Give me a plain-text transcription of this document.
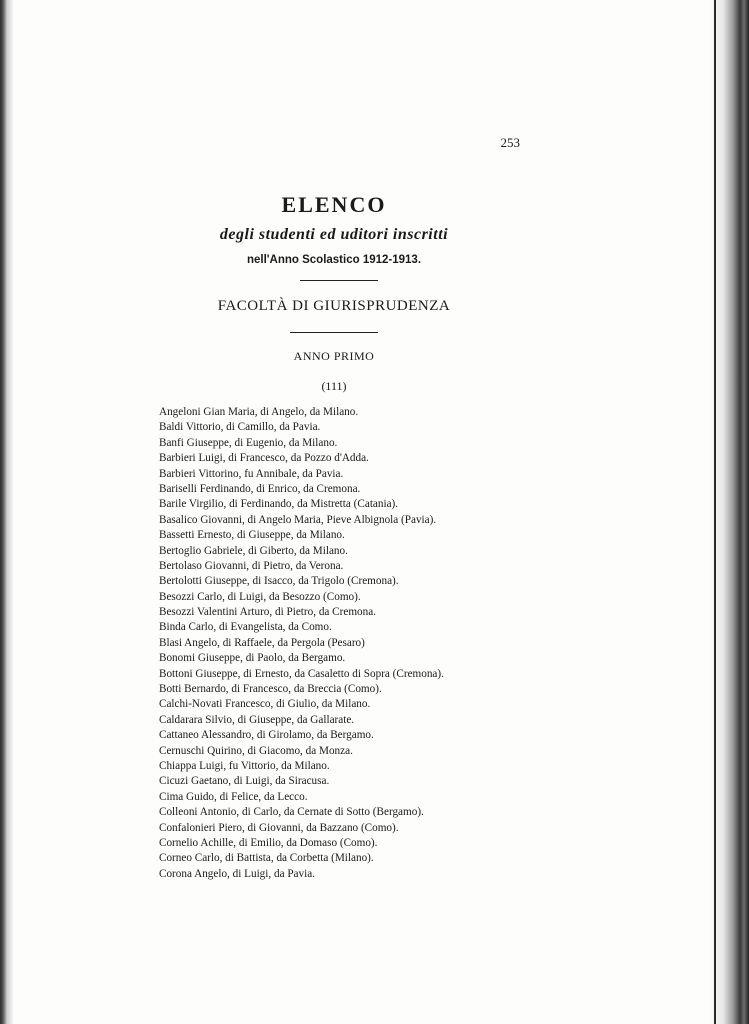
253
ELENCO
degli studenti ed uditori inscritti
nell'Anno Scolastico 1912-1913.
FACOLTÀ DI GIURISPRUDENZA
ANNO PRIMO
(111)
Angeloni Gian Maria, di Angelo, da Milano.
Baldi Vittorio, di Camillo, da Pavia.
Banfi Giuseppe, di Eugenio, da Milano.
Barbieri Luigi, di Francesco, da Pozzo d'Adda.
Barbieri Vittorino, fu Annibale, da Pavia.
Bariselli Ferdinando, di Enrico, da Cremona.
Barile Virgilio, di Ferdinando, da Mistretta (Catania).
Basalico Giovanni, di Angelo Maria, Pieve Albignola (Pavia).
Bassetti Ernesto, di Giuseppe, da Milano.
Bertoglio Gabriele, di Giberto, da Milano.
Bertolaso Giovanni, di Pietro, da Verona.
Bertolotti Giuseppe, di Isacco, da Trigolo (Cremona).
Besozzi Carlo, di Luigi, da Besozzo (Como).
Besozzi Valentini Arturo, di Pietro, da Cremona.
Binda Carlo, di Evangelista, da Como.
Blasi Angelo, di Raffaele, da Pergola (Pesaro)
Bonomi Giuseppe, di Paolo, da Bergamo.
Bottoni Giuseppe, di Ernesto, da Casaletto di Sopra (Cremona).
Botti Bernardo, di Francesco, da Breccia (Como).
Calchi-Novati Francesco, di Giulio, da Milano.
Caldarara Silvio, di Giuseppe, da Gallarate.
Cattaneo Alessandro, di Girolamo, da Bergamo.
Cernuschi Quirino, di Giacomo, da Monza.
Chiappa Luigi, fu Vittorio, da Milano.
Cicuzi Gaetano, di Luigi, da Siracusa.
Cima Guido, di Felice, da Lecco.
Colleoni Antonio, di Carlo, da Cernate di Sotto (Bergamo).
Confalonieri Piero, di Giovanni, da Bazzano (Como).
Cornelio Achille, di Emilio, da Domaso (Como).
Corneo Carlo, di Battista, da Corbetta (Milano).
Corona Angelo, di Luigi, da Pavia.
